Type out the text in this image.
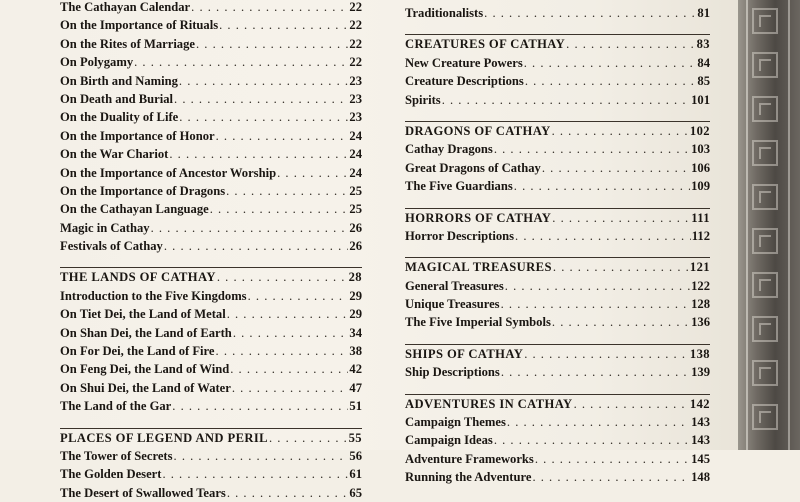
The Cathayan Calendar . . .	22
On the Importance of Rituals . . .	22
On the Rites of Marriage . . .	22
On Polygamy . . .	22
On Birth and Naming . . .	23
On Death and Burial . . .	23
On the Duality of Life . . .	23
On the Importance of Honor . . .	24
On the War Chariot . . .	24
On the Importance of Ancestor Worship . . .	24
On the Importance of Dragons . . .	25
On the Cathayan Language . . .	25
Magic in Cathay . . .	26
Festivals of Cathay . . .	26
THE LANDS OF CATHAY . . .	28
Introduction to the Five Kingdoms . . .	29
On Tiet Dei, the Land of Metal . . .	29
On Shan Dei, the Land of Earth . . .	34
On For Dei, the Land of Fire . . .	38
On Feng Dei, the Land of Wind . . .	42
On Shui Dei, the Land of Water . . .	47
The Land of the Gar . . .	51
PLACES OF LEGEND AND PERIL . . .	55
The Tower of Secrets . . .	56
The Golden Desert . . .	61
The Desert of Swallowed Tears . . .	65
Traditionalists . . .	81
CREATURES OF CATHAY . . .	83
New Creature Powers . . .	84
Creature Descriptions . . .	85
Spirits . . .	101
DRAGONS OF CATHAY . . .	102
Cathay Dragons . . .	103
Great Dragons of Cathay . . .	106
The Five Guardians . . .	109
HORRORS OF CATHAY . . .	111
Horror Descriptions . . .	112
MAGICAL TREASURES . . .	121
General Treasures . . .	122
Unique Treasures . . .	128
The Five Imperial Symbols . . .	136
SHIPS OF CATHAY . . .	138
Ship Descriptions . . .	139
ADVENTURES IN CATHAY . . .	142
Campaign Themes . . .	143
Campaign Ideas . . .	143
Adventure Frameworks . . .	145
Running the Adventure . . .	148
